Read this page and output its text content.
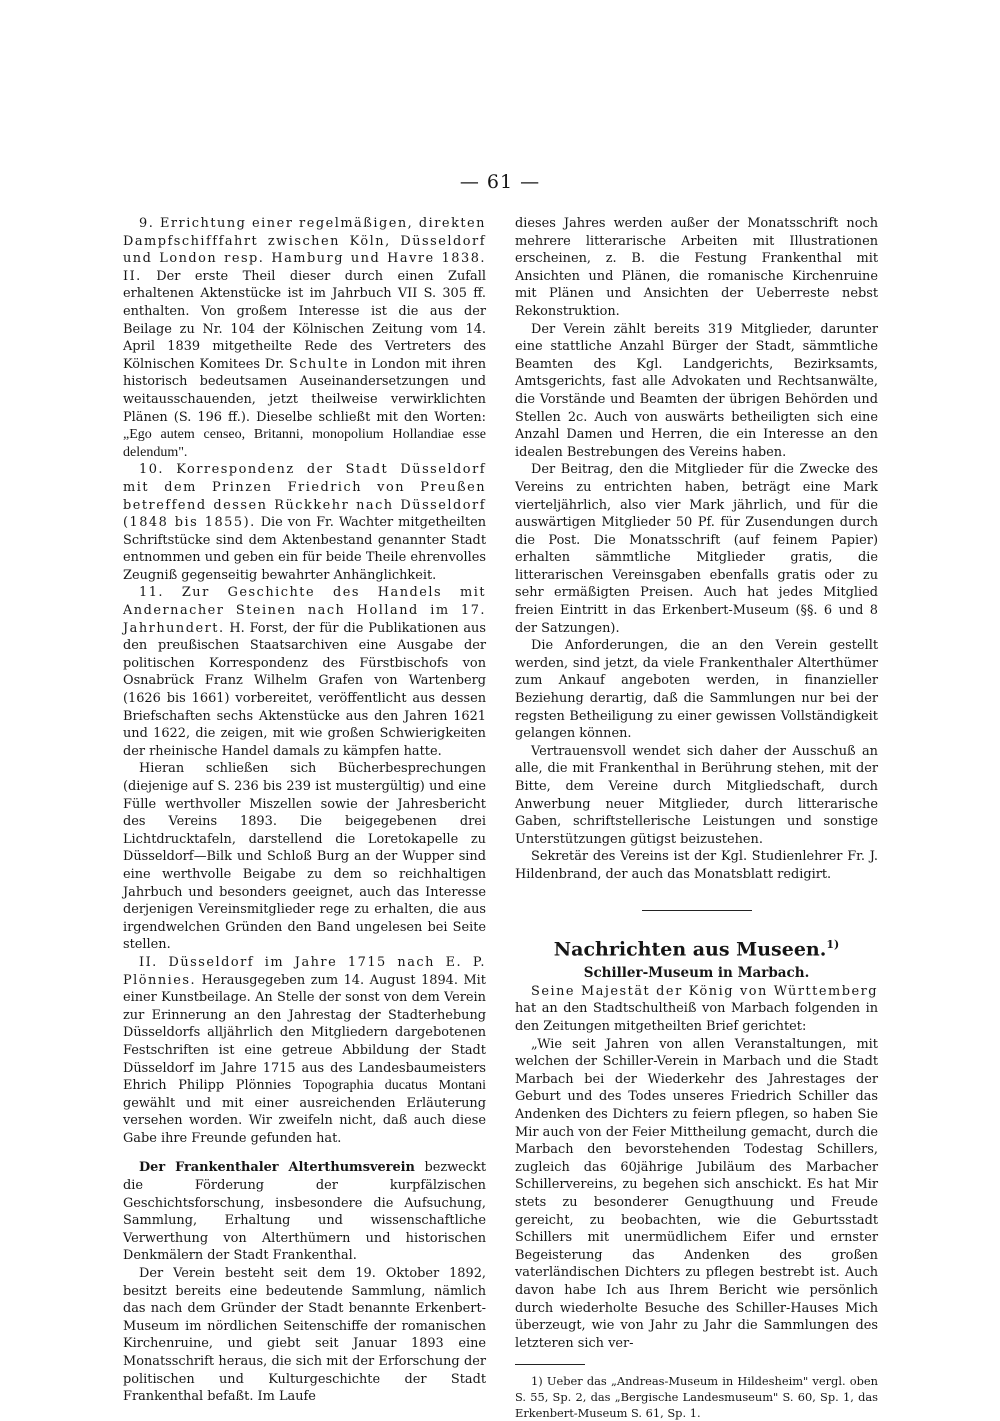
— 61 —

9. Errichtung einer regelmäßigen, direkten Dampfschifffahrt zwischen Köln, Düsseldorf und London resp. Hamburg und Havre 1838. II. Der erste Theil dieser durch einen Zufall erhaltenen Aktenstücke ist im Jahrbuch VII S. 305 ff. enthalten. Von großem Interesse ist die aus der Beilage zu Nr. 104 der Kölnischen Zeitung vom 14. April 1839 mitgetheilte Rede des Vertreters des Kölnischen Komitees Dr. Schulte in London mit ihren historisch bedeutsamen Auseinandersetzungen und weitausschauenden, jetzt theilweise verwirklichten Plänen (S. 196 ff.). Dieselbe schließt mit den Worten: „Ego autem censeo, Britanni, monopolium Hollandiae esse delendum".

10. Korrespondenz der Stadt Düsseldorf mit dem Prinzen Friedrich von Preußen betreffend dessen Rückkehr nach Düsseldorf (1848 bis 1855). Die von Fr. Wachter mitgetheilten Schriftstücke sind dem Aktenbestand genannter Stadt entnommen und geben ein für beide Theile ehrenvolles Zeugniß gegenseitig bewahrter Anhänglichkeit.

11. Zur Geschichte des Handels mit Andernacher Steinen nach Holland im 17. Jahrhundert. H. Forst, der für die Publikationen aus den preußischen Staatsarchiven eine Ausgabe der politischen Korrespondenz des Fürstbischofs von Osnabrück Franz Wilhelm Grafen von Wartenberg (1626 bis 1661) vorbereitet, veröffentlicht aus dessen Briefschaften sechs Aktenstücke aus den Jahren 1621 und 1622, die zeigen, mit wie großen Schwierigkeiten der rheinische Handel damals zu kämpfen hatte.

Hieran schließen sich Bücherbesprechungen (diejenige auf S. 236 bis 239 ist mustergültig) und eine Fülle werthvoller Miszellen sowie der Jahresbericht des Vereins 1893. Die beigegebenen drei Lichtdrucktafeln, darstellend die Loretokapelle zu Düsseldorf—Bilk und Schloß Burg an der Wupper sind eine werthvolle Beigabe zu dem so reichhaltigen Jahrbuch und besonders geeignet, auch das Interesse derjenigen Vereinsmitglieder rege zu erhalten, die aus irgendwelchen Gründen den Band ungelesen bei Seite stellen.

II. Düsseldorf im Jahre 1715 nach E. P. Plönnies. Herausgegeben zum 14. August 1894. Mit einer Kunstbeilage. An Stelle der sonst von dem Verein zur Erinnerung an den Jahrestag der Stadterhebung Düsseldorfs alljährlich den Mitgliedern dargebotenen Festschriften ist eine getreue Abbildung der Stadt Düsseldorf im Jahre 1715 aus des Landesbaumeisters Ehrich Philipp Plönnies Topographia ducatus Montani gewählt und mit einer ausreichenden Erläuterung versehen worden. Wir zweifeln nicht, daß auch diese Gabe ihre Freunde gefunden hat.

Der Frankenthaler Alterthumsverein bezweckt die Förderung der kurpfälzischen Geschichtsforschung, insbesondere die Aufsuchung, Sammlung, Erhaltung und wissenschaftliche Verwerthung von Alterthümern und historischen Denkmälern der Stadt Frankenthal.

Der Verein besteht seit dem 19. Oktober 1892, besitzt bereits eine bedeutende Sammlung, nämlich das nach dem Gründer der Stadt benannte Erkenbert-Museum im nördlichen Seitenschiffe der romanischen Kirchenruine, und giebt seit Januar 1893 eine Monatsschrift heraus, die sich mit der Erforschung der politischen und Kulturgeschichte der Stadt Frankenthal befaßt. Im Laufe

dieses Jahres werden außer der Monatsschrift noch mehrere litterarische Arbeiten mit Illustrationen erscheinen, z. B. die Festung Frankenthal mit Ansichten und Plänen, die romanische Kirchenruine mit Plänen und Ansichten der Ueberreste nebst Rekonstruktion.

Der Verein zählt bereits 319 Mitglieder, darunter eine stattliche Anzahl Bürger der Stadt, sämmtliche Beamten des Kgl. Landgerichts, Bezirksamts, Amtsgerichts, fast alle Advokaten und Rechtsanwälte, die Vorstände und Beamten der übrigen Behörden und Stellen 2c. Auch von auswärts betheiligten sich eine Anzahl Damen und Herren, die ein Interesse an den idealen Bestrebungen des Vereins haben.

Der Beitrag, den die Mitglieder für die Zwecke des Vereins zu entrichten haben, beträgt eine Mark vierteljährlich, also vier Mark jährlich, und für die auswärtigen Mitglieder 50 Pf. für Zusendungen durch die Post. Die Monatsschrift (auf feinem Papier) erhalten sämmtliche Mitglieder gratis, die litterarischen Vereinsgaben ebenfalls gratis oder zu sehr ermäßigten Preisen. Auch hat jedes Mitglied freien Eintritt in das Erkenbert-Museum (§§. 6 und 8 der Satzungen).

Die Anforderungen, die an den Verein gestellt werden, sind jetzt, da viele Frankenthaler Alterthümer zum Ankauf angeboten werden, in finanzieller Beziehung derartig, daß die Sammlungen nur bei der regsten Betheiligung zu einer gewissen Vollständigkeit gelangen können.

Vertrauensvoll wendet sich daher der Ausschuß an alle, die mit Frankenthal in Berührung stehen, mit der Bitte, dem Vereine durch Mitgliedschaft, durch Anwerbung neuer Mitglieder, durch litterarische Gaben, schriftstellerische Leistungen und sonstige Unterstützungen gütigst beizustehen.

Sekretär des Vereins ist der Kgl. Studienlehrer Fr. J. Hildenbrand, der auch das Monatsblatt redigirt.

Nachrichten aus Museen.$^{1)}$
Schiller-Museum in Marbach.

Seine Majestät der König von Württemberg hat an den Stadtschultheiß von Marbach folgenden in den Zeitungen mitgetheilten Brief gerichtet:

„Wie seit Jahren von allen Veranstaltungen, mit welchen der Schiller-Verein in Marbach und die Stadt Marbach bei der Wiederkehr des Jahrestages der Geburt und des Todes unseres Friedrich Schiller das Andenken des Dichters zu feiern pflegen, so haben Sie Mir auch von der Feier Mittheilung gemacht, durch die Marbach den bevorstehenden Todestag Schillers, zugleich das 60jährige Jubiläum des Marbacher Schillervereins, zu begehen sich anschickt. Es hat Mir stets zu besonderer Genugthuung und Freude gereicht, zu beobachten, wie die Geburtsstadt Schillers mit unermüdlichem Eifer und ernster Begeisterung das Andenken des großen vaterländischen Dichters zu pflegen bestrebt ist. Auch davon habe Ich aus Ihrem Bericht wie persönlich durch wiederholte Besuche des Schiller-Hauses Mich überzeugt, wie von Jahr zu Jahr die Sammlungen des letzteren sich ver-

1) Ueber das „Andreas-Museum in Hildesheim" vergl. oben S. 55, Sp. 2, das „Bergische Landesmuseum" S. 60, Sp. 1, das Erkenbert-Museum S. 61, Sp. 1.
